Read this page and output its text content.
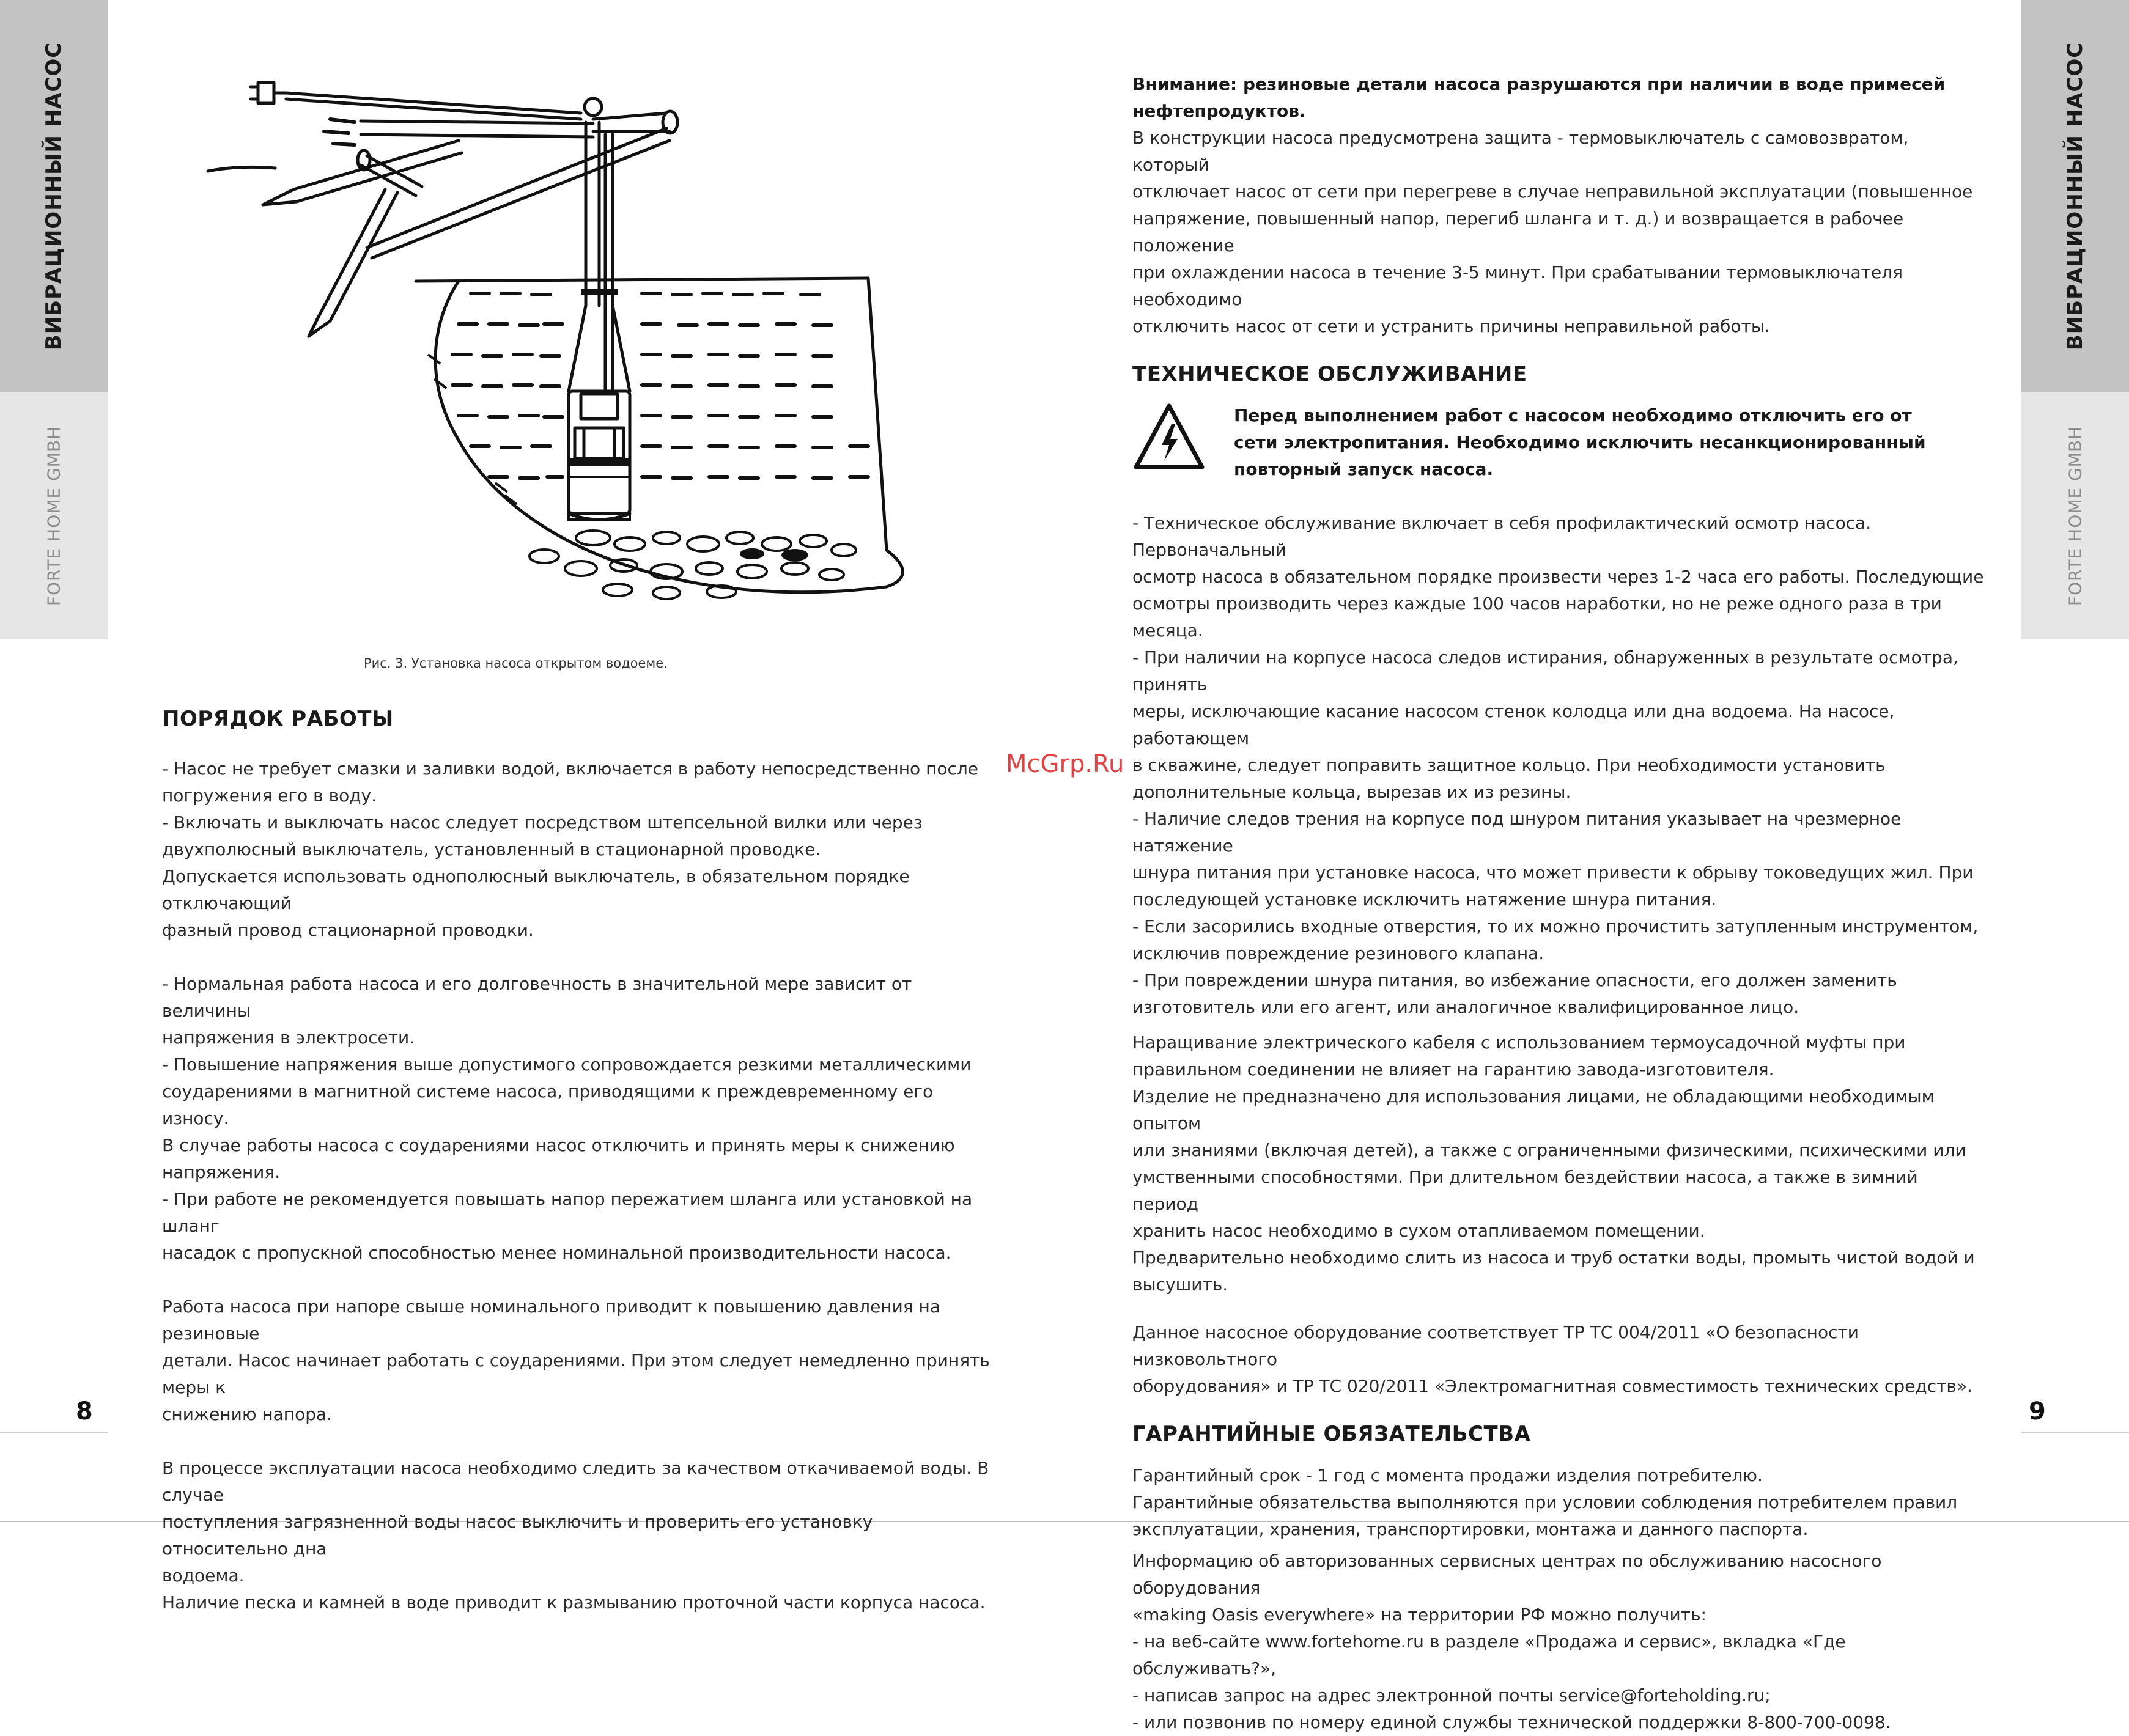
ВИБРАЦИОННЫЙ НАСОС
FORTE HOME GMBH
ВИБРАЦИОННЫЙ НАСОС
FORTE HOME GMBH
8	9
Рис. 3. Установка насоса открытом водоеме.
ПОРЯДОК РАБОТЫ

- Насос не требует смазки и заливки водой, включается в работу непосредственно после

погружения его в воду.

- Включать и выключать насос следует посредством штепсельной вилки или через

двухполюсный выключатель, установленный в стационарной проводке.

Допускается использовать однополюсный выключатель, в обязательном порядке отключающий

фазный провод стационарной проводки.

- Нормальная работа насоса и его долговечность в значительной мере зависит от величины

напряжения в электросети.

- Повышение напряжения выше допустимого сопровождается резкими металлическими

соударениями в магнитной системе насоса, приводящими к преждевременному его износу.

В случае работы насоса с соударениями насос отключить и принять меры к снижению

напряжения.

- При работе не рекомендуется повышать напор пережатием шланга или установкой на шланг

насадок с пропускной способностью менее номинальной производительности насоса.

Работа насоса при напоре свыше номинального приводит к повышению давления на резиновые

детали. Насос начинает работать с соударениями. При этом следует немедленно принять меры к

снижению напора.

В процессе эксплуатации насоса необходимо следить за качеством откачиваемой воды. В случае

поступления загрязненной воды насос выключить и проверить его установку относительно дна

водоема.

Наличие песка и камней в воде приводит к размыванию проточной части корпуса насоса.

Внимание: резиновые детали насоса разрушаются при наличии в воде примесей

нефтепродуктов.

В конструкции насоса предусмотрена защита - термовыключатель с самовозвратом, который

отключает насос от сети при перегреве в случае неправильной эксплуатации (повышенное

напряжение, повышенный напор, перегиб шланга и т. д.) и возвращается в рабочее положение

при охлаждении насоса в течение 3-5 минут. При срабатывании термовыключателя необходимо

отключить насос от сети и устранить причины неправильной работы.

ТЕХНИЧЕСКОЕ ОБСЛУЖИВАНИЕ

Перед выполнением работ с насосом необходимо отключить его от

сети электропитания. Необходимо исключить несанкционированный

повторный запуск насоса.

- Техническое обслуживание включает в себя профилактический осмотр насоса. Первоначальный

осмотр насоса в обязательном порядке произвести через 1-2 часа его работы. Последующие

осмотры производить через каждые 100 часов наработки, но не реже одного раза в три месяца.

- При наличии на корпусе насоса следов истирания, обнаруженных в результате осмотра, принять

меры, исключающие касание насосом стенок колодца или дна водоема. На насосе, работающем

в скважине, следует поправить защитное кольцо. При необходимости установить

дополнительные кольца, вырезав их из резины.

- Наличие следов трения на корпусе под шнуром питания указывает на чрезмерное натяжение

шнура питания при установке насоса, что может привести к обрыву токоведущих жил. При

последующей установке исключить натяжение шнура питания.

- Если засорились входные отверстия, то их можно прочистить затупленным инструментом,

исключив повреждение резинового клапана.

- При повреждении шнура питания, во избежание опасности, его должен заменить

изготовитель или его агент, или аналогичное квалифицированное лицо.

Наращивание электрического кабеля с использованием термоусадочной муфты при

правильном соединении не влияет на гарантию завода-изготовителя.

Изделие не предназначено для использования лицами, не обладающими необходимым опытом

или знаниями (включая детей), а также с ограниченными физическими, психическими или

умственными способностями. При длительном бездействии насоса, а также в зимний период

хранить насос необходимо в сухом отапливаемом помещении.

Предварительно необходимо слить из насоса и труб остатки воды, промыть чистой водой и

высушить.

Данное насосное оборудование соответствует ТР ТС 004/2011 «О безопасности низковольтного

оборудования» и ТР ТС 020/2011 «Электромагнитная совместимость технических средств».

ГАРАНТИЙНЫЕ ОБЯЗАТЕЛЬСТВА

Гарантийный срок - 1 год с момента продажи изделия потребителю.

Гарантийные обязательства выполняются при условии соблюдения потребителем правил

эксплуатации, хранения, транспортировки, монтажа и данного паспорта.

Информацию об авторизованных сервисных центрах по обслуживанию насосного оборудования

«making Oasis everywhere» на территории РФ можно получить:

- на веб-сайте www.fortehome.ru в разделе «Продажа и сервис», вкладка «Где обслуживать?»,

- написав запрос на адрес электронной почты service@forteholding.ru;

- или позвонив по номеру единой службы технической поддержки 8-800-700-0098.

McGrp.Ru
